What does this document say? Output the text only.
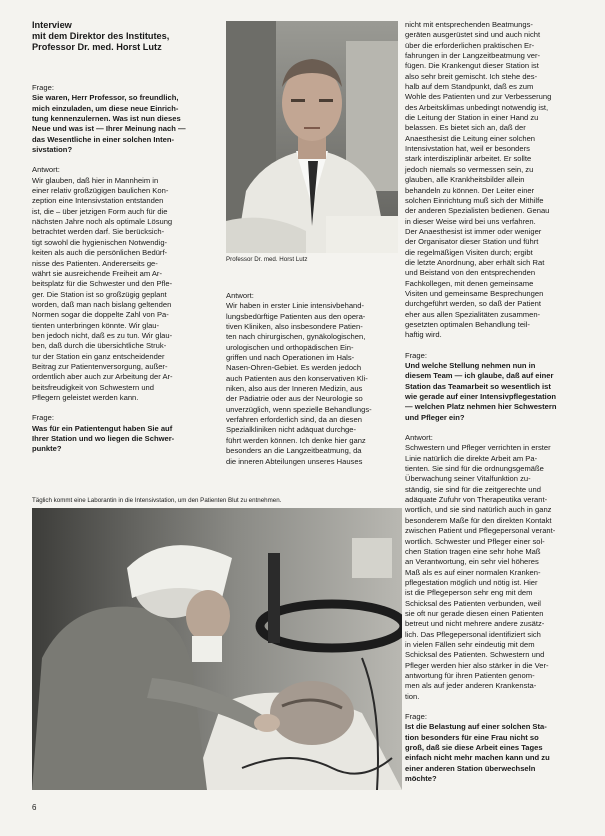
Interview
mit dem Direktor des Institutes,
Professor Dr. med. Horst Lutz

Frage:

Sie waren, Herr Professor, so freundlich,

mich einzuladen, um diese neue Einrich-

tung kennenzulernen. Was ist nun dieses

Neue und was ist — Ihrer Meinung nach —

das Wesentliche in einer solchen Inten-

sivstation?

Antwort:

Wir glauben, daß hier in Mannheim in

einer relativ großzügigen baulichen Kon-

zeption eine Intensivstation entstanden

ist, die – über jetzigen Form auch für die

nächsten Jahre noch als optimale Lösung

betrachtet werden darf. Sie berücksich-

tigt sowohl die hygienischen Notwendig-

keiten als auch die persönlichen Bedürf-

nisse des Patienten. Andererseits ge-

währt sie ausreichende Freiheit am Ar-

beitsplatz für die Schwester und den Pfle-

ger. Die Station ist so großzügig geplant

worden, daß man nach bislang geltenden

Normen sogar die doppelte Zahl von Pa-

tienten unterbringen könnte. Wir glau-

ben jedoch nicht, daß es zu tun. Wir glau-

ben, daß durch die übersichtliche Struk-

tur der Station ein ganz entscheidender

Beitrag zur Patientenversorgung, außer-

ordentlich aber auch zur Arbeitung der Ar-

beitsfreudigkeit von Schwestern und

Pflegern geleistet werden kann.

Frage:

Was für ein Patientengut haben Sie auf

Ihrer Station und wo liegen die Schwer-

punkte?

Professor Dr. med. Horst Lutz

Antwort:

Wir haben in erster Linie intensivbehand-

lungsbedürftige Patienten aus den opera-

tiven Kliniken, also insbesondere Patien-

ten nach chirurgischen, gynäkologischen,

urologischen und orthopädischen Ein-

griffen und nach Operationen im Hals-

Nasen-Ohren-Gebiet. Es werden jedoch

auch Patienten aus den konservativen Kli-

niken, also aus der Inneren Medizin, aus

der Pädiatrie oder aus der Neurologie so

unverzüglich, wenn spezielle Behandlungs-

verfahren erforderlich sind, da an diesen

Spezialkliniken nicht adäquat durchge-

führt werden können. Ich denke hier ganz

besonders an die Langzeitbeatmung, da

die inneren Abteilungen unseres Hauses

nicht mit entsprechenden Beatmungs-

geräten ausgerüstet sind und auch nicht

über die erforderlichen praktischen Er-

fahrungen in der Langzeitbeatmung ver-

fügen. Die Krankengut dieser Station ist

also sehr breit gemischt. Ich stehe des-

halb auf dem Standpunkt, daß es zum

Wohle des Patienten und zur Verbesserung

des Arbeitsklimas unbedingt notwendig ist,

die Leitung der Station in einer Hand zu

belassen. Es bietet sich an, daß der

Anaesthesist die Leitung einer solchen

Intensivstation hat, weil er besonders

stark interdisziplinär arbeitet. Er sollte

jedoch niemals so vermessen sein, zu

glauben, alle Krankheitsbilder allein

behandeln zu können. Der Leiter einer

solchen Einrichtung muß sich der Mithilfe

der anderen Spezialisten bedienen. Genau

in dieser Weise wird bei uns verfahren.

Der Anaesthesist ist immer oder weniger

der Organisator dieser Station und führt

die regelmäßigen Visiten durch; ergibt

die letzte Anordnung, aber erhält sich Rat

und Beistand von den entsprechenden

Fachkollegen, mit denen gemeinsame

Visiten und gemeinsame Besprechungen

durchgeführt werden, so daß der Patient

eher aus allen Spezialitäten zusammen-

gesetzten optimalen Behandlung teil-

haftig wird.

Frage:

Und welche Stellung nehmen nun in

diesem Team — ich glaube, daß auf einer

Station das Teamarbeit so wesentlich ist

wie gerade auf einer Intensivpflegestation

— welchen Platz nehmen hier Schwestern

und Pfleger ein?

Antwort:

Schwestern und Pfleger verrichten in erster

Linie natürlich die direkte Arbeit am Pa-

tienten. Sie sind für die ordnungsgemäße

Überwachung seiner Vitalfunktion zu-

ständig, sie sind für die zeitgerechte und

adäquate Zufuhr von Therapeutika verant-

wortlich, und sie sind natürlich auch in ganz

besonderem Maße für den direkten Kontakt

zwischen Patient und Pflegepersonal verant-

wortlich. Schwester und Pfleger einer sol-

chen Station tragen eine sehr hohe Maß

an Verantwortung, ein sehr viel höheres

Maß als es auf einer normalen Kranken-

pflegestation möglich und nötig ist. Hier

ist die Pflegeperson sehr eng mit dem

Schicksal des Patienten verbunden, weil

sie oft nur gerade diesen einen Patienten

betreut und nicht mehrere andere zusätz-

lich. Das Pflegepersonal identifiziert sich

in vielen Fällen sehr eindeutig mit dem

Schicksal des Patienten. Schwestern und

Pfleger werden hier also stärker in die Ver-

antwortung für ihren Patienten genom-

men als auf jeder anderen Krankensta-

tion.

Frage:

Ist die Belastung auf einer solchen Sta-

tion besonders für eine Frau nicht so

groß, daß sie diese Arbeit eines Tages

einfach nicht mehr machen kann und zu

einer anderen Station überwechseln

möchte?

Täglich kommt eine Laborantin in die Intensivstation, um den Patienten Blut zu entnehmen.
6
